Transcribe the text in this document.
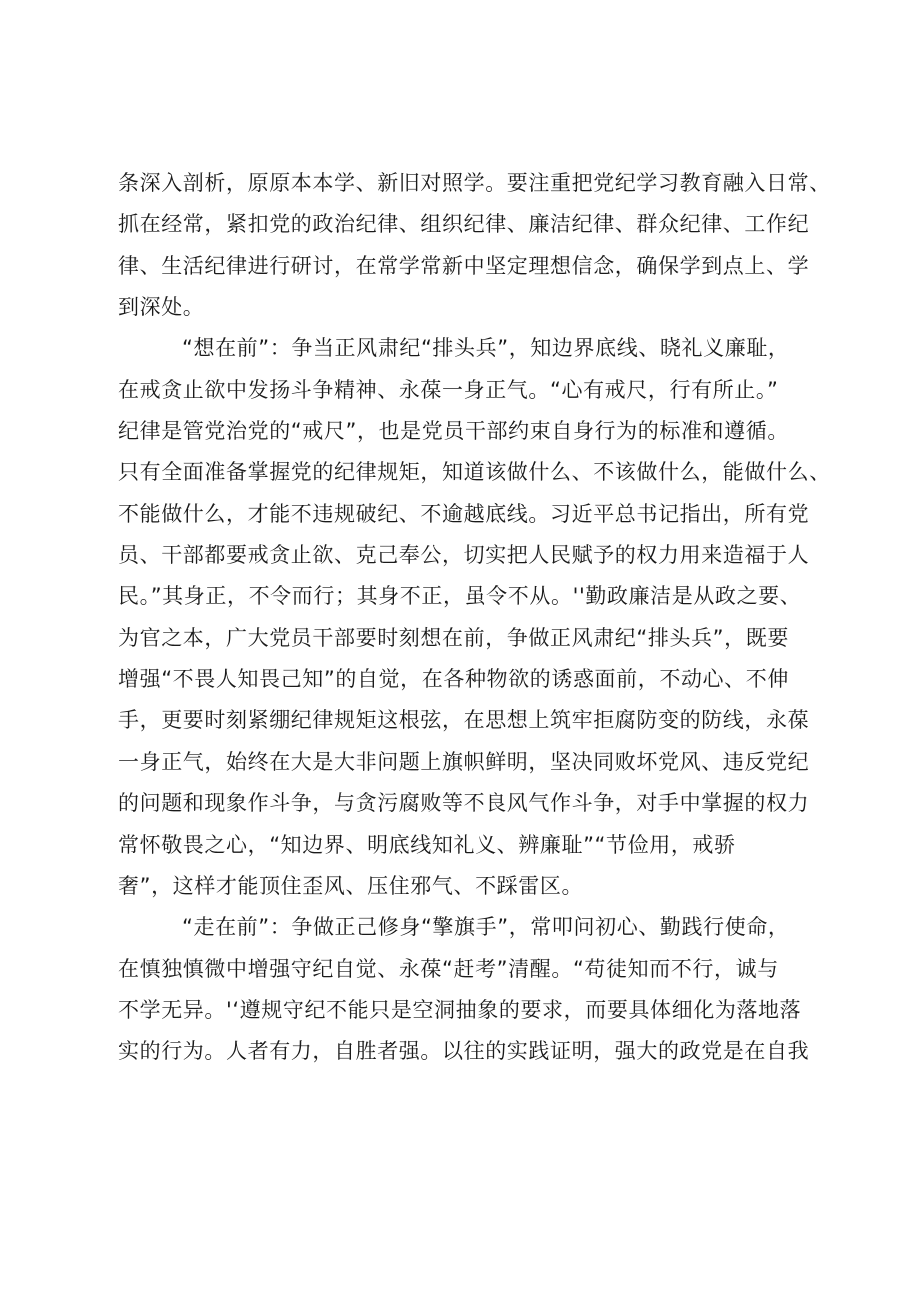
条深入剖析，原原本本学、新旧对照学。要注重把党纪学习教育融入日常、
抓在经常，紧扣党的政治纪律、组织纪律、廉洁纪律、群众纪律、工作纪
律、生活纪律进行研讨，在常学常新中坚定理想信念，确保学到点上、学
到深处。
“想在前”：争当正风肃纪“排头兵”，知边界底线、晓礼义廉耻，
在戒贪止欲中发扬斗争精神、永葆一身正气。“心有戒尺，行有所止。”
纪律是管党治党的“戒尺”，也是党员干部约束自身行为的标准和遵循。
只有全面准备掌握党的纪律规矩，知道该做什么、不该做什么，能做什么、
不能做什么，才能不违规破纪、不逾越底线。习近平总书记指出，所有党
员、干部都要戒贪止欲、克己奉公，切实把人民赋予的权力用来造福于人
民。”其身正，不令而行；其身不正，虽令不从。''勤政廉洁是从政之要、
为官之本，广大党员干部要时刻想在前，争做正风肃纪“排头兵”，既要
增强“不畏人知畏己知”的自觉，在各种物欲的诱惑面前，不动心、不伸
手，更要时刻紧绷纪律规矩这根弦，在思想上筑牢拒腐防变的防线，永葆
一身正气，始终在大是大非问题上旗帜鲜明，坚决同败坏党风、违反党纪
的问题和现象作斗争，与贪污腐败等不良风气作斗争，对手中掌握的权力
常怀敬畏之心，“知边界、明底线知礼义、辨廉耻”“节俭用，戒骄
奢”，这样才能顶住歪风、压住邪气、不踩雷区。
“走在前”：争做正己修身“擎旗手”，常叩问初心、勤践行使命，
在慎独慎微中增强守纪自觉、永葆“赶考”清醒。“苟徒知而不行，诚与
不学无异。'‘遵规守纪不能只是空洞抽象的要求，而要具体细化为落地落
实的行为。人者有力，自胜者强。以往的实践证明，强大的政党是在自我
